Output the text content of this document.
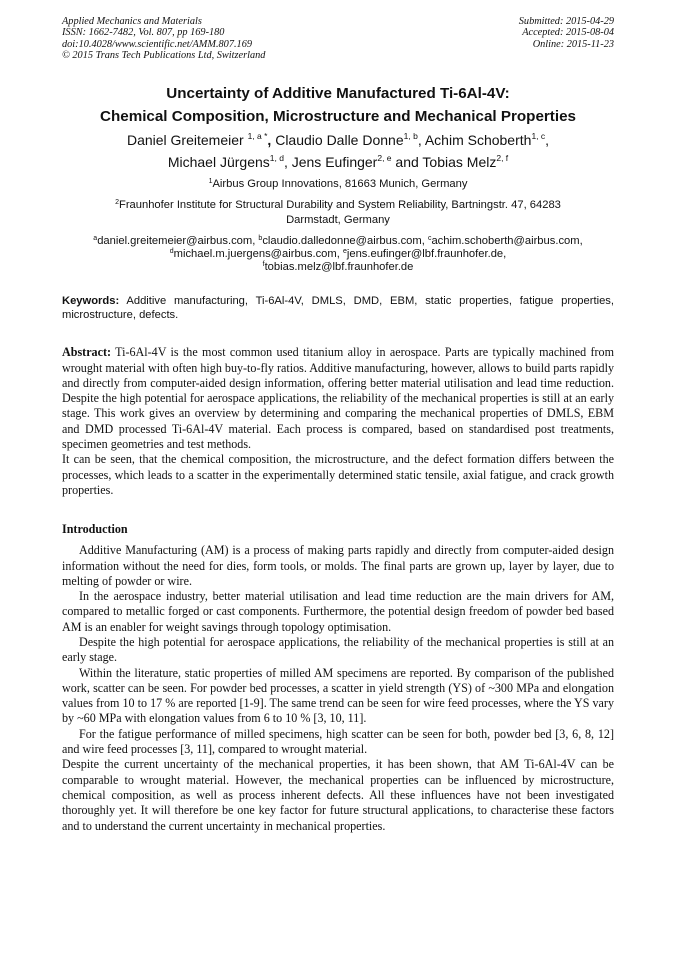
Applied Mechanics and Materials
ISSN: 1662-7482, Vol. 807, pp 169-180
doi:10.4028/www.scientific.net/AMM.807.169
© 2015 Trans Tech Publications Ltd, Switzerland
Submitted: 2015-04-29
Accepted: 2015-08-04
Online: 2015-11-23
Uncertainty of Additive Manufactured Ti-6Al-4V:
Chemical Composition, Microstructure and Mechanical Properties
Daniel Greitemeier $^{1, a *}$, Claudio Dalle Donne$^{1, b}$, Achim Schoberth$^{1, c}$,
Michael Jürgens$^{1, d}$, Jens Eufinger$^{2, e}$ and Tobias Melz$^{2, f}$
$^1$Airbus Group Innovations, 81663 Munich, Germany
$^2$Fraunhofer Institute for Structural Durability and System Reliability, Bartningstr. 47, 64283
Darmstadt, Germany
$^a$daniel.greitemeier@airbus.com, $^b$claudio.dalledonne@airbus.com, $^c$achim.schoberth@airbus.com,
$^d$michael.m.juergens@airbus.com, $^e$jens.eufinger@lbf.fraunhofer.de,
$^f$tobias.melz@lbf.fraunhofer.de
Keywords: Additive manufacturing, Ti-6Al-4V, DMLS, DMD, EBM, static properties, fatigue properties, microstructure, defects.

Abstract: Ti-6Al-4V is the most common used titanium alloy in aerospace. Parts are typically machined from wrought material with often high buy-to-fly ratios. Additive manufacturing, however, allows to build parts rapidly and directly from computer-aided design information, offering better material utilisation and lead time reduction. Despite the high potential for aerospace applications, the reliability of the mechanical properties is still at an early stage. This work gives an overview by determining and comparing the mechanical properties of DMLS, EBM and DMD processed Ti-6Al-4V material. Each process is compared, based on standardised post treatments, specimen geometries and test methods.

It can be seen, that the chemical composition, the microstructure, and the defect formation differs between the processes, which leads to a scatter in the experimentally determined static tensile, axial fatigue, and crack growth properties.

Introduction

Additive Manufacturing (AM) is a process of making parts rapidly and directly from computer-aided design information without the need for dies, form tools, or molds. The final parts are grown up, layer by layer, due to melting of powder or wire.

In the aerospace industry, better material utilisation and lead time reduction are the main drivers for AM, compared to metallic forged or cast components. Furthermore, the potential design freedom of powder bed based AM is an enabler for weight savings through topology optimisation.

Despite the high potential for aerospace applications, the reliability of the mechanical properties is still at an early stage.

Within the literature, static properties of milled AM specimens are reported. By comparison of the published work, scatter can be seen. For powder bed processes, a scatter in yield strength (YS) of ~300 MPa and elongation values from 10 to 17 % are reported [1-9]. The same trend can be seen for wire feed processes, where the YS vary by ~60 MPa with elongation values from 6 to 10 % [3, 10, 11].

For the fatigue performance of milled specimens, high scatter can be seen for both, powder bed [3, 6, 8, 12] and wire feed processes [3, 11], compared to wrought material.

Despite the current uncertainty of the mechanical properties, it has been shown, that AM Ti-6Al-4V can be comparable to wrought material. However, the mechanical properties can be influenced by microstructure, chemical composition, as well as process inherent defects. All these influences have not been investigated thoroughly yet. It will therefore be one key factor for future structural applications, to characterise these factors and to understand the current uncertainty in mechanical properties.
